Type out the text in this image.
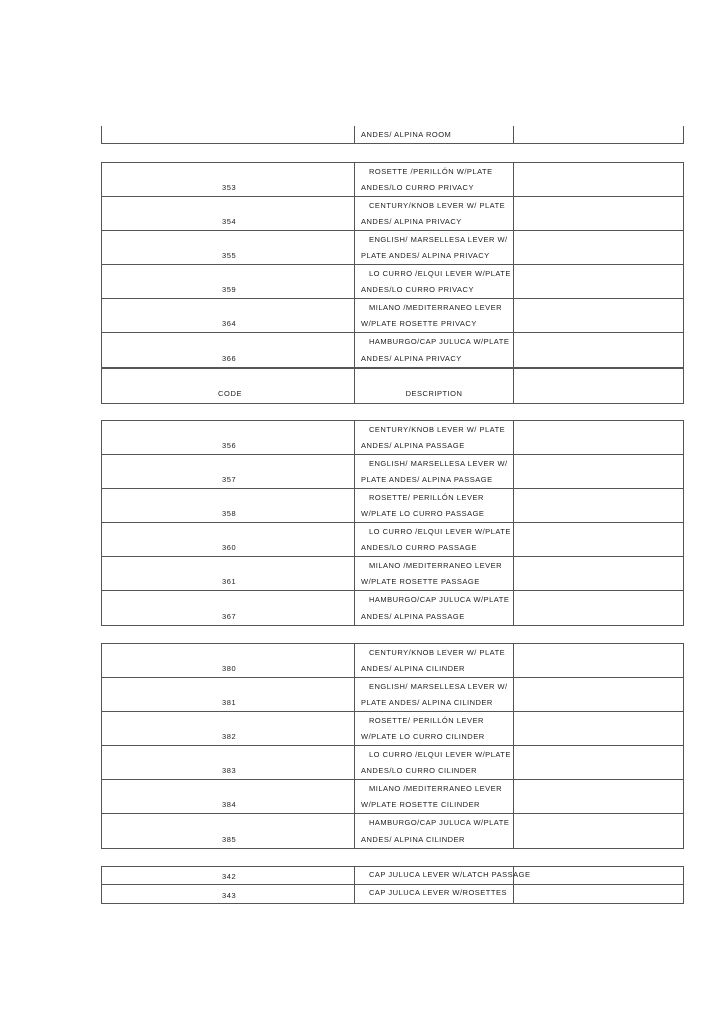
ANDES/ ALPINA ROOM
353
ROSETTE /PERILLÓN W/PLATE
ANDES/LO CURRO PRIVACY
354
CENTURY/KNOB LEVER W/ PLATE
ANDES/ ALPINA PRIVACY
355
ENGLISH/ MARSELLESA LEVER W/
PLATE ANDES/ ALPINA PRIVACY
359
LO CURRO /ELQUI LEVER W/PLATE
ANDES/LO CURRO PRIVACY
364
MILANO /MEDITERRANEO LEVER
W/PLATE ROSETTE PRIVACY
366
HAMBURGO/CAP JULUCA W/PLATE
ANDES/ ALPINA PRIVACY
CODE	DESCRIPTION
356
CENTURY/KNOB LEVER W/ PLATE
ANDES/ ALPINA PASSAGE
357
ENGLISH/ MARSELLESA LEVER W/
PLATE ANDES/ ALPINA PASSAGE
358
ROSETTE/ PERILLÓN LEVER
W/PLATE LO CURRO PASSAGE
360
LO CURRO /ELQUI LEVER W/PLATE
ANDES/LO CURRO PASSAGE
361
MILANO /MEDITERRANEO LEVER
W/PLATE ROSETTE PASSAGE
367
HAMBURGO/CAP JULUCA W/PLATE
ANDES/ ALPINA PASSAGE
380
CENTURY/KNOB LEVER W/ PLATE
ANDES/ ALPINA CILINDER
381
ENGLISH/ MARSELLESA LEVER W/
PLATE ANDES/ ALPINA CILINDER
382
ROSETTE/ PERILLÓN LEVER
W/PLATE LO CURRO CILINDER
383
LO CURRO /ELQUI LEVER W/PLATE
ANDES/LO CURRO CILINDER
384
MILANO /MEDITERRANEO LEVER
W/PLATE ROSETTE CILINDER
385
HAMBURGO/CAP JULUCA W/PLATE
ANDES/ ALPINA CILINDER
342	CAP JULUCA LEVER W/LATCH PASSAGE
343	CAP JULUCA LEVER W/ROSETTES
